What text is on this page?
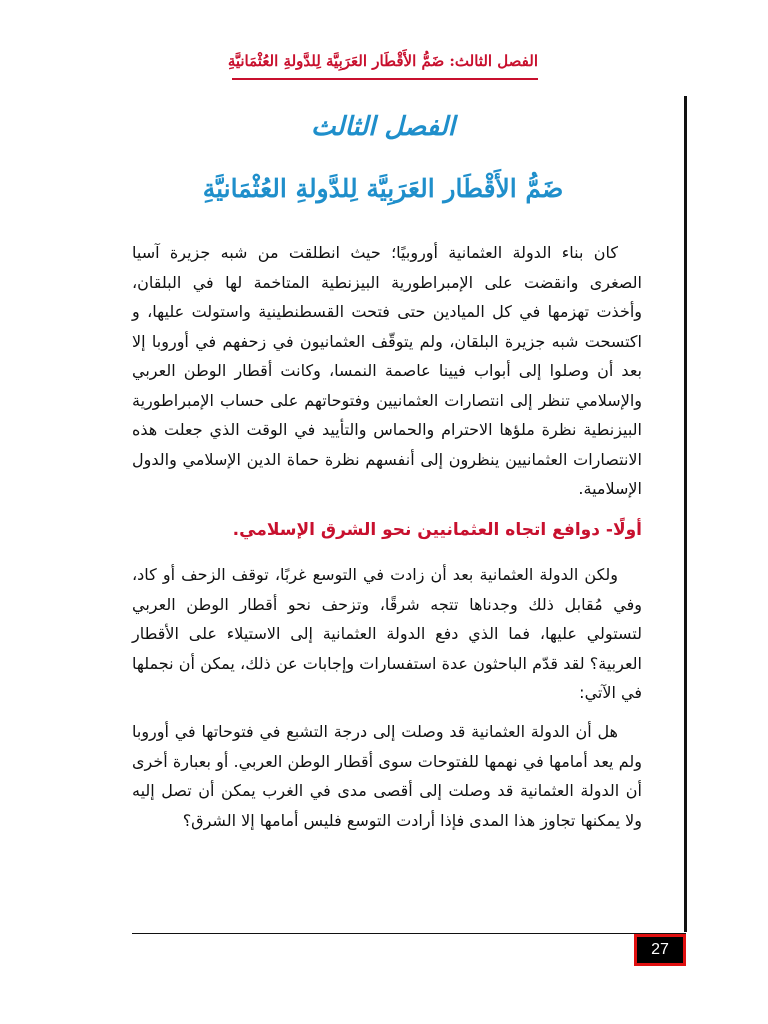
الفصل الثالث: ضَمُّ الأَقْطَار العَرَبِيَّة لِلدَّولةِ العُثْمَانيَّةِ
الفصل الثالث
ضَمُّ الأَقْطَار العَرَبِيَّة لِلدَّولةِ العُثْمَانيَّةِ

كان بناء الدولة العثمانية أوروبيًا؛ حيث انطلقت من شبه جزيرة آسيا الصغرى وانقضت على الإمبراطورية البيزنطية المتاخمة لها في البلقان، وأخذت تهزمها في كل الميادين حتى فتحت القسطنطينية واستولت عليها، و اكتسحت شبه جزيرة البلقان، ولم يتوقّف العثمانيون في زحفهم في أوروبا إلا بعد أن وصلوا إلى أبواب فيينا عاصمة النمسا، وكانت أقطار الوطن العربي والإسلامي تنظر إلى انتصارات العثمانيين وفتوحاتهم على حساب الإمبراطورية البيزنطية نظرة ملؤها الاحترام والحماس والتأييد في الوقت الذي جعلت هذه الانتصارات العثمانيين ينظرون إلى أنفسهم نظرة حماة الدين الإسلامي والدول الإسلامية.

أولًا- دوافع اتجاه العثمانيين نحو الشرق الإسلامي.

ولكن الدولة العثمانية بعد أن زادت في التوسع غربًا، توقف الزحف أو كاد، وفي مُقابل ذلك وجدناها تتجه شرقًا، وتزحف نحو أقطار الوطن العربي لتستولي عليها، فما الذي دفع الدولة العثمانية إلى الاستيلاء على الأقطار العربية؟ لقد قدّم الباحثون عدة استفسارات وإجابات عن ذلك، يمكن أن نجملها في الآتي:

هل أن الدولة العثمانية قد وصلت إلى درجة التشبع في فتوحاتها في أوروبا ولم يعد أمامها في نهمها للفتوحات سوى أقطار الوطن العربي. أو بعبارة أخرى أن الدولة العثمانية قد وصلت إلى أقصى مدى في الغرب يمكن أن تصل إليه ولا يمكنها تجاوز هذا المدى فإذا أرادت التوسع فليس أمامها إلا الشرق؟

27
